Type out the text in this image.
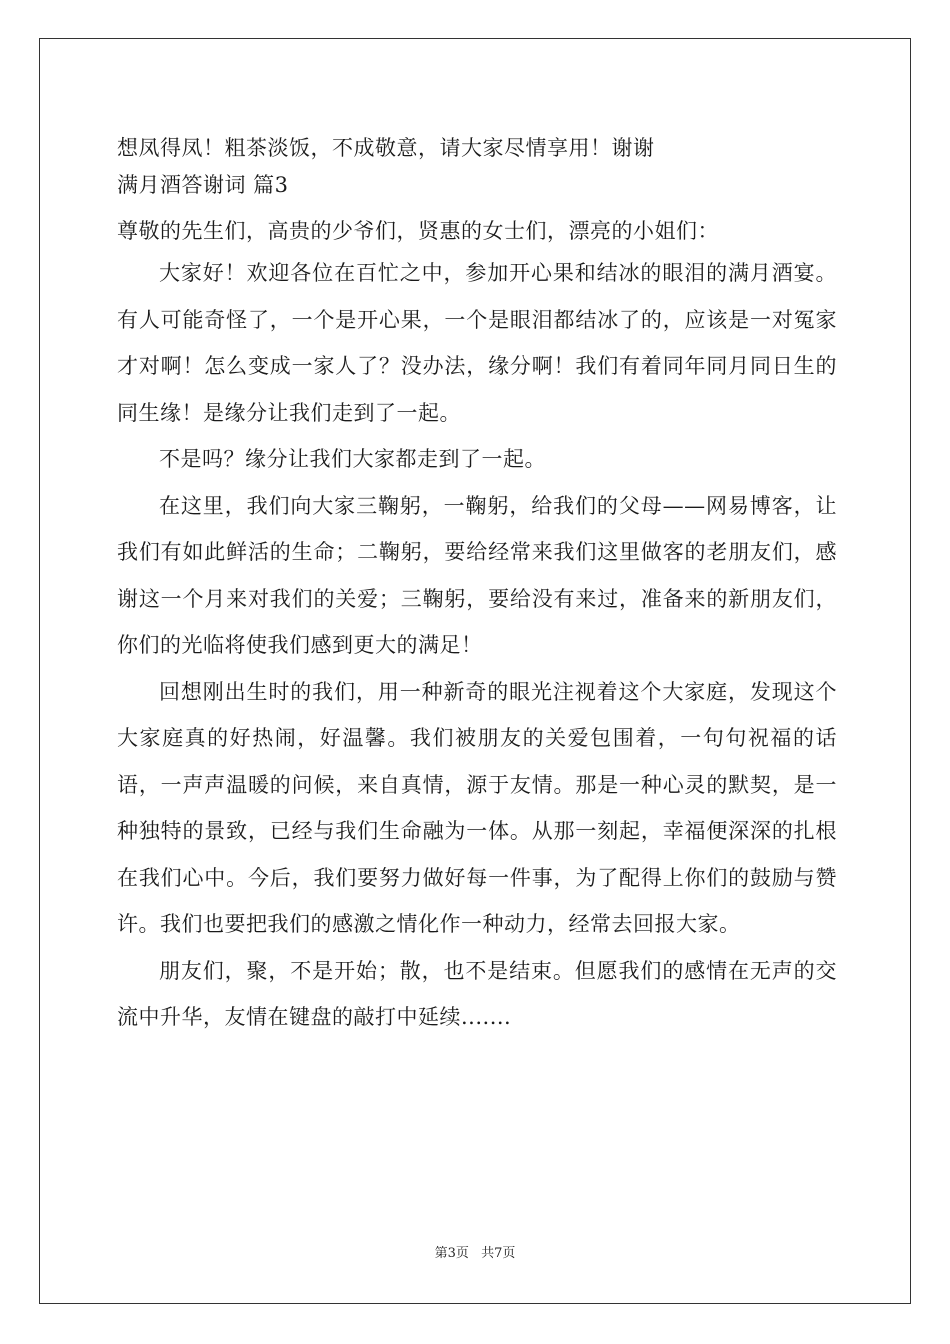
想凤得凤！粗茶淡饭，不成敬意，请大家尽情享用！谢谢
满月酒答谢词 篇3
尊敬的先生们，高贵的少爷们，贤惠的女士们，漂亮的小姐们：

大家好！欢迎各位在百忙之中，参加开心果和结冰的眼泪的满月酒宴。有人可能奇怪了，一个是开心果，一个是眼泪都结冰了的，应该是一对冤家才对啊！怎么变成一家人了？没办法，缘分啊！我们有着同年同月同日生的同生缘！是缘分让我们走到了一起。

不是吗？缘分让我们大家都走到了一起。

在这里，我们向大家三鞠躬，一鞠躬，给我们的父母——网易博客，让我们有如此鲜活的生命；二鞠躬，要给经常来我们这里做客的老朋友们，感谢这一个月来对我们的关爱；三鞠躬，要给没有来过，准备来的新朋友们，你们的光临将使我们感到更大的满足！

回想刚出生时的我们，用一种新奇的眼光注视着这个大家庭，发现这个大家庭真的好热闹，好温馨。我们被朋友的关爱包围着，一句句祝福的话语，一声声温暖的问候，来自真情，源于友情。那是一种心灵的默契，是一种独特的景致，已经与我们生命融为一体。从那一刻起，幸福便深深的扎根在我们心中。今后，我们要努力做好每一件事，为了配得上你们的鼓励与赞许。我们也要把我们的感激之情化作一种动力，经常去回报大家。

朋友们，聚，不是开始；散，也不是结束。但愿我们的感情在无声的交流中升华，友情在键盘的敲打中延续.......

第3页 共7页
